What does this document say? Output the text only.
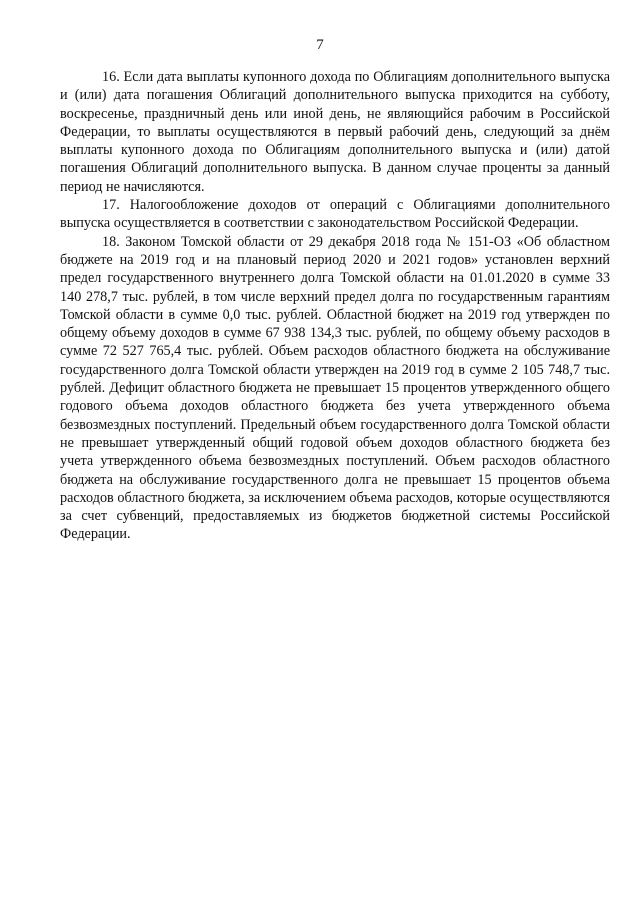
7

16. Если дата выплаты купонного дохода по Облигациям дополнительного выпуска и (или) дата погашения Облигаций дополнительного выпуска приходится на субботу, воскресенье, праздничный день или иной день, не являющийся рабочим в Российской Федерации, то выплаты осуществляются в первый рабочий день, следующий за днём выплаты купонного дохода по Облигациям дополнительного выпуска и (или) датой погашения Облигаций дополнительного выпуска. В данном случае проценты за данный период не начисляются.

17. Налогообложение доходов от операций с Облигациями дополнительного выпуска осуществляется в соответствии с законодательством Российской Федерации.

18. Законом Томской области от 29 декабря 2018 года № 151-ОЗ «Об областном бюджете на 2019 год и на плановый период 2020 и 2021 годов» установлен верхний предел государственного внутреннего долга Томской области на 01.01.2020 в сумме 33 140 278,7 тыс. рублей, в том числе верхний предел долга по государственным гарантиям Томской области в сумме 0,0 тыс. рублей. Областной бюджет на 2019 год утвержден по общему объему доходов в сумме 67 938 134,3 тыс. рублей, по общему объему расходов в сумме 72 527 765,4 тыс. рублей. Объем расходов областного бюджета на обслуживание государственного долга Томской области утвержден на 2019 год в сумме 2 105 748,7 тыс. рублей. Дефицит областного бюджета не превышает 15 процентов утвержденного общего годового объема доходов областного бюджета без учета утвержденного объема безвозмездных поступлений. Предельный объем государственного долга Томской области не превышает утвержденный общий годовой объем доходов областного бюджета без учета утвержденного объема безвозмездных поступлений. Объем расходов областного бюджета на обслуживание государственного долга не превышает 15 процентов объема расходов областного бюджета, за исключением объема расходов, которые осуществляются за счет субвенций, предоставляемых из бюджетов бюджетной системы Российской Федерации.
